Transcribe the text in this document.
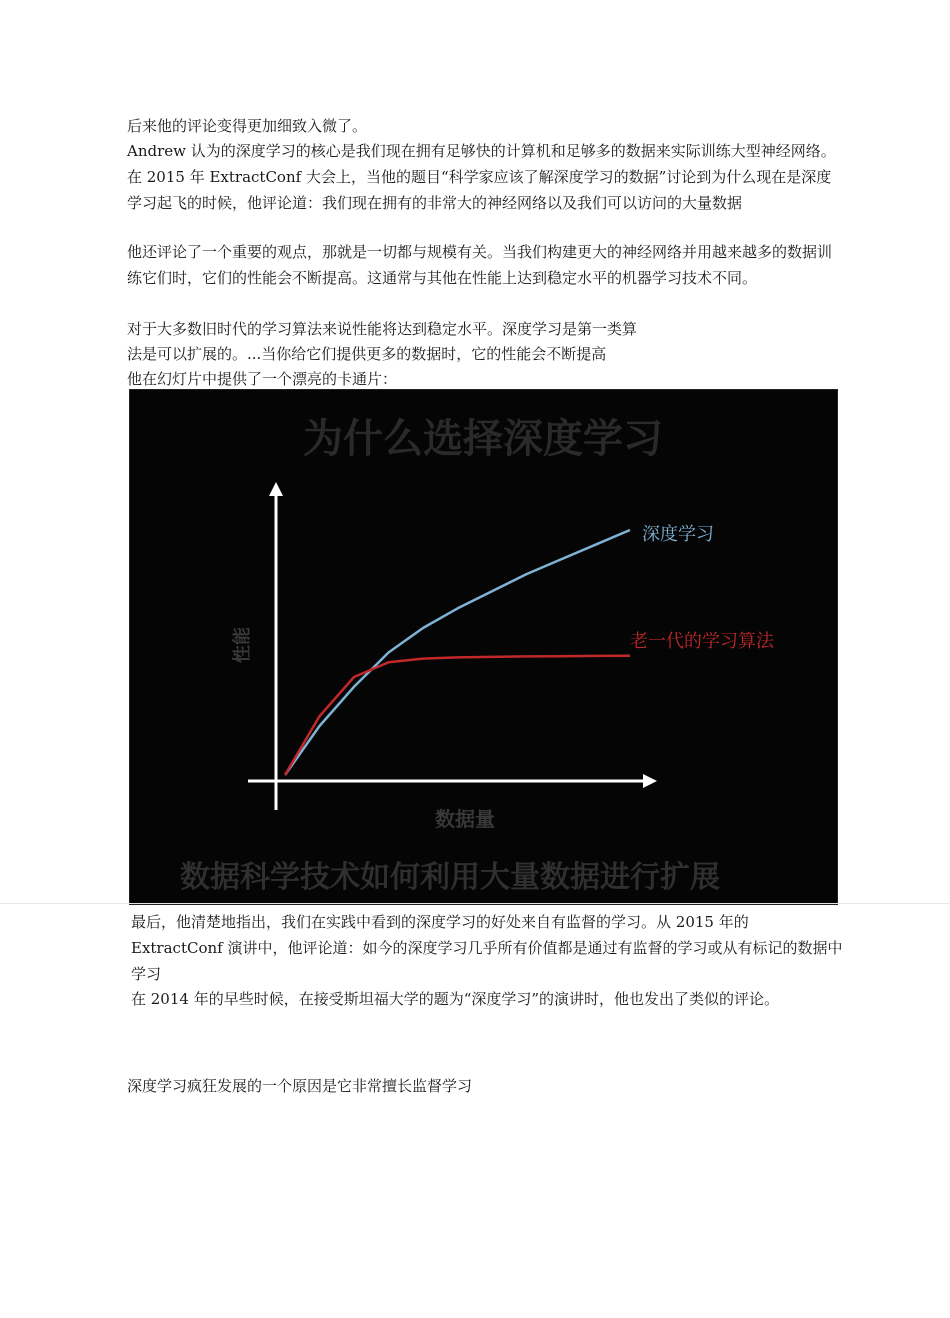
后来他的评论变得更加细致入微了。

Andrew 认为的深度学习的核心是我们现在拥有足够快的计算机和足够多的数据来实际训练大型神经网络。在 2015 年 ExtractConf 大会上，当他的题目“科学家应该了解深度学习的数据”讨论到为什么现在是深度学习起飞的时候，他评论道：我们现在拥有的非常大的神经网络以及我们可以访问的大量数据

他还评论了一个重要的观点，那就是一切都与规模有关。当我们构建更大的神经网络并用越来越多的数据训练它们时，它们的性能会不断提高。这通常与其他在性能上达到稳定水平的机器学习技术不同。

对于大多数旧时代的学习算法来说性能将达到稳定水平。深度学习是第一类算

法是可以扩展的。...当你给它们提供更多的数据时，它的性能会不断提高

他在幻灯片中提供了一个漂亮的卡通片：

为什么选择深度学习
性能
数据量
深度学习
老一代的学习算法
数据科学技术如何利用大量数据进行扩展

最后，他清楚地指出，我们在实践中看到的深度学习的好处来自有监督的学习。从 2015 年的 ExtractConf 演讲中，他评论道：如今的深度学习几乎所有价值都是通过有监督的学习或从有标记的数据中学习

在 2014 年的早些时候，在接受斯坦福大学的题为“深度学习”的演讲时，他也发出了类似的评论。

深度学习疯狂发展的一个原因是它非常擅长监督学习
